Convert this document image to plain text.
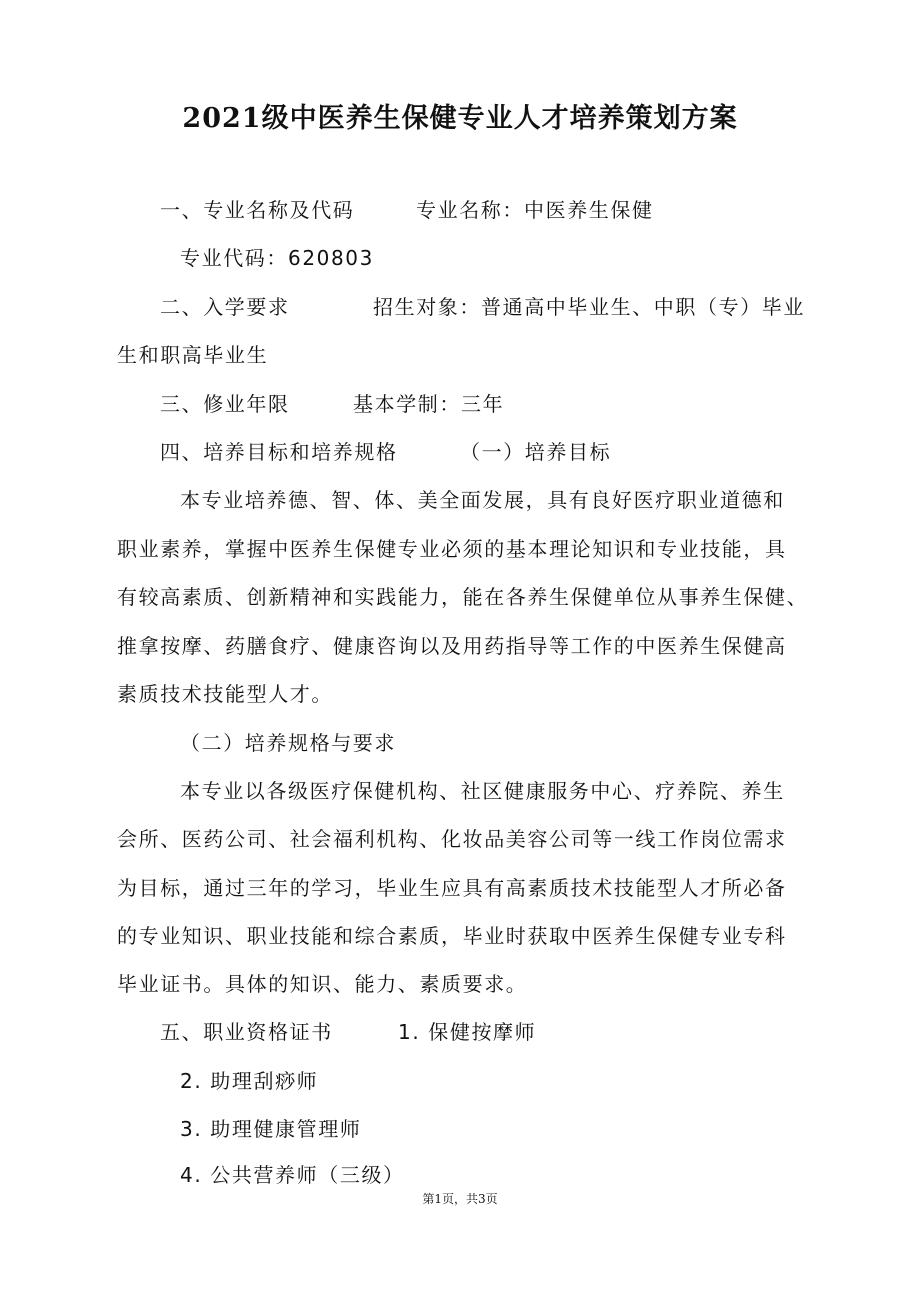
2021级中医养生保健专业人才培养策划方案
一、专业名称及代码	专业名称：中医养生保健
专业代码：620803
二、入学要求	招生对象：普通高中毕业生、中职（专）毕业
生和职高毕业生
三、修业年限	基本学制：三年
四、培养目标和培养规格	（一）培养目标
本专业培养德、智、体、美全面发展，具有良好医疗职业道德和
职业素养，掌握中医养生保健专业必须的基本理论知识和专业技能，具
有较高素质、创新精神和实践能力，能在各养生保健单位从事养生保健、
推拿按摩、药膳食疗、健康咨询以及用药指导等工作的中医养生保健高
素质技术技能型人才。
（二）培养规格与要求
本专业以各级医疗保健机构、社区健康服务中心、疗养院、养生
会所、医药公司、社会福利机构、化妆品美容公司等一线工作岗位需求
为目标，通过三年的学习，毕业生应具有高素质技术技能型人才所必备
的专业知识、职业技能和综合素质，毕业时获取中医养生保健专业专科
毕业证书。具体的知识、能力、素质要求。
五、职业资格证书	1. 保健按摩师
2. 助理刮痧师
3. 助理健康管理师
4. 公共营养师（三级）
第1页，共3页
